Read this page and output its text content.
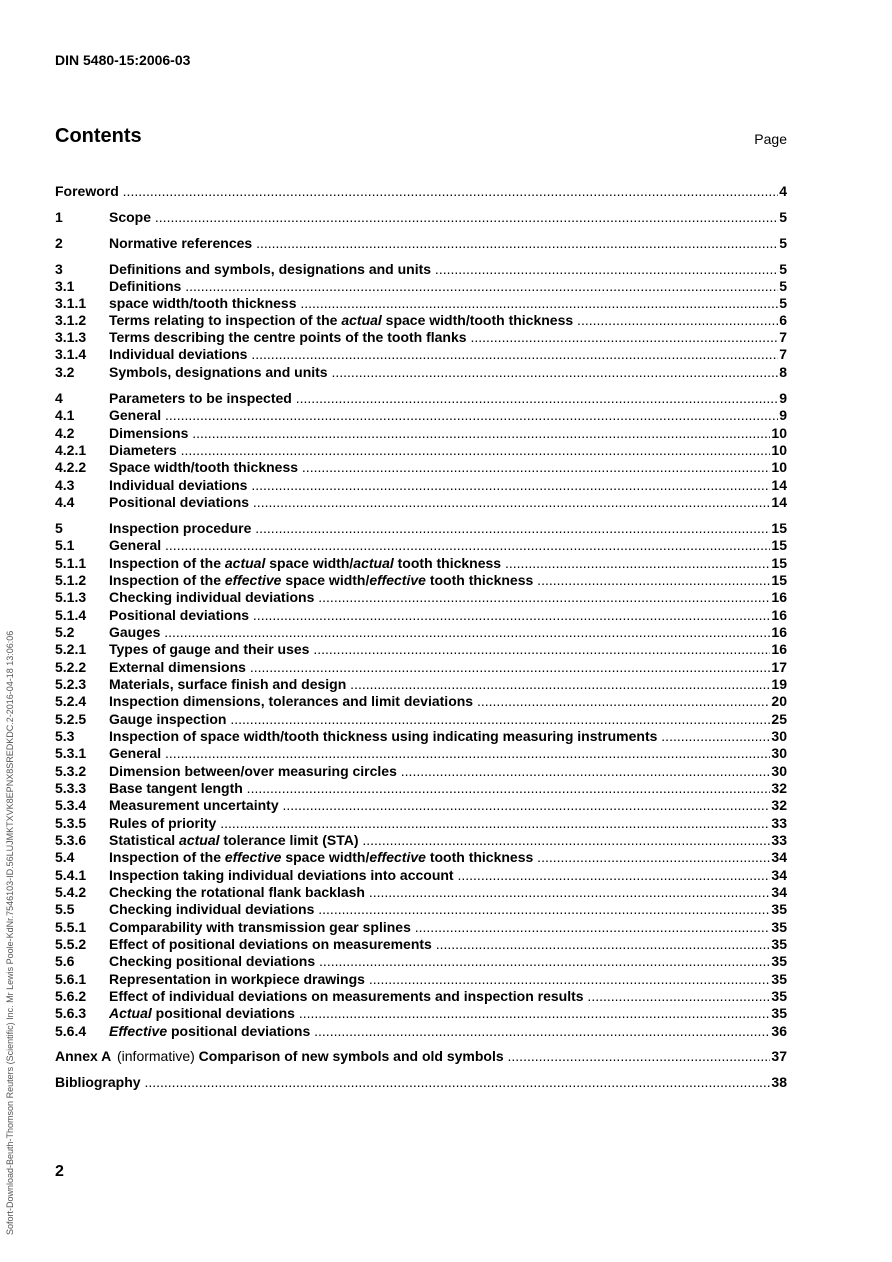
DIN 5480-15:2006-03
Contents	Page
Sofort-Download-Beuth-Thomson Reuters (Scientific) Inc. Mr Lewis Poole-KdNr.7546103-ID.56LUJMKTXVK8EPNX8SREDKDC.2-2016-04-18 13:06:06
Foreword .....	4
1	Scope .....	5
2	Normative references .....	5
3	Definitions and symbols, designations and units .....	5
3.1	Definitions .....	5
3.1.1	space width/tooth thickness .....	5
3.1.2	Terms relating to inspection of the actual space width/tooth thickness .....	6
3.1.3	Terms describing the centre points of the tooth flanks .....	7
3.1.4	Individual deviations .....	7
3.2	Symbols, designations and units .....	8
4	Parameters to be inspected .....	9
4.1	General .....	9
4.2	Dimensions .....	10
4.2.1	Diameters .....	10
4.2.2	Space width/tooth thickness .....	10
4.3	Individual deviations .....	14
4.4	Positional deviations .....	14
5	Inspection procedure .....	15
5.1	General .....	15
5.1.1	Inspection of the actual space width/actual tooth thickness .....	15
5.1.2	Inspection of the effective space width/effective tooth thickness .....	15
5.1.3	Checking individual deviations .....	16
5.1.4	Positional deviations .....	16
5.2	Gauges .....	16
5.2.1	Types of gauge and their uses .....	16
5.2.2	External dimensions .....	17
5.2.3	Materials, surface finish and design .....	19
5.2.4	Inspection dimensions, tolerances and limit deviations .....	20
5.2.5	Gauge inspection .....	25
5.3	Inspection of space width/tooth thickness using indicating measuring instruments .....	30
5.3.1	General .....	30
5.3.2	Dimension between/over measuring circles .....	30
5.3.3	Base tangent length .....	32
5.3.4	Measurement uncertainty .....	32
5.3.5	Rules of priority .....	33
5.3.6	Statistical actual tolerance limit (STA) .....	33
5.4	Inspection of the effective space width/effective tooth thickness .....	34
5.4.1	Inspection taking individual deviations into account .....	34
5.4.2	Checking the rotational flank backlash .....	34
5.5	Checking individual deviations .....	35
5.5.1	Comparability with transmission gear splines .....	35
5.5.2	Effect of positional deviations on measurements .....	35
5.6	Checking positional deviations .....	35
5.6.1	Representation in workpiece drawings .....	35
5.6.2	Effect of individual deviations on measurements and inspection results .....	35
5.6.3	Actual positional deviations .....	35
5.6.4	Effective positional deviations .....	36
Annex A (informative) Comparison of new symbols and old symbols .....	37
Bibliography .....	38
2
